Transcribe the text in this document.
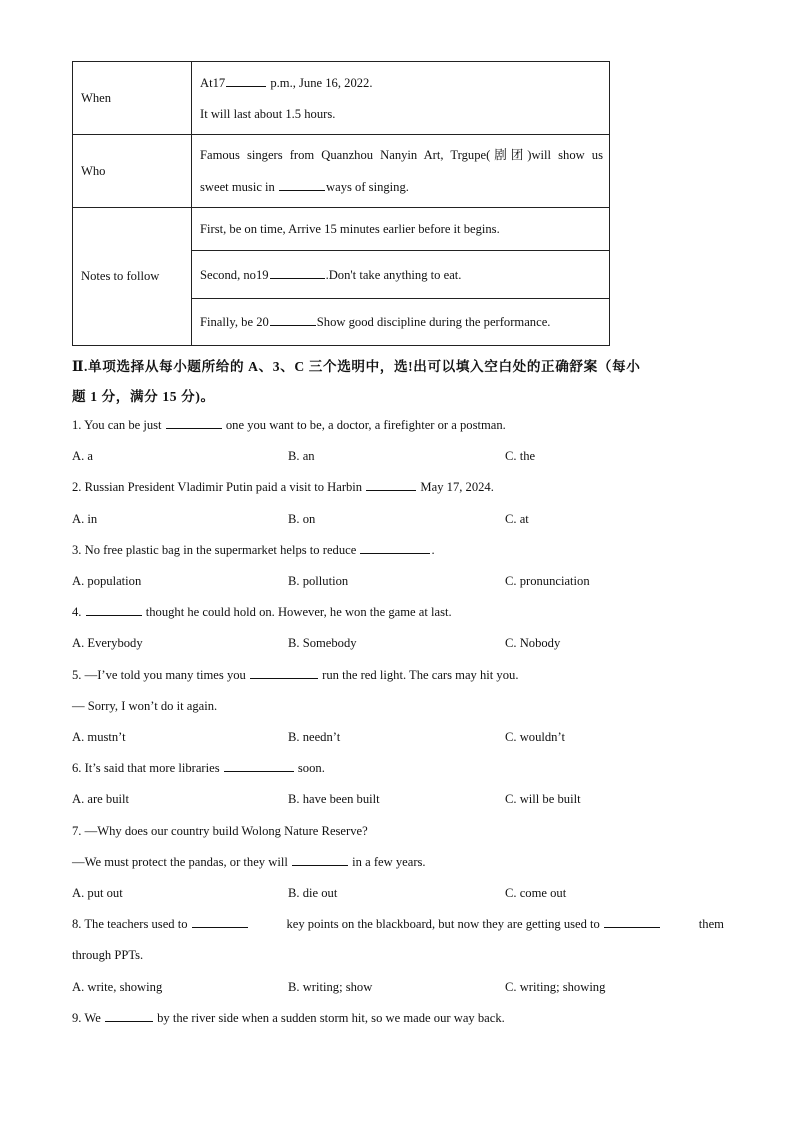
When	At17 p.m., June 16, 2022.
It will last about 1.5 hours.

Who	Famous singers from Quanzhou Nanyin Art, Trgupe(剧团)will show us
sweet music in ways of singing.

Notes to follow	First, be on time, Arrive 15 minutes earlier before it begins.
	Second, no19 .Don't take anything to eat.
	Finally, be 20 Show good discipline during the performance.
Ⅱ.单项选择从每小题所给的 A、3、C 三个选明中，选!出可以填入空白处的正确舒案（每小
题 1 分，满分 15 分)。
1. You can be just	one you want to be, a doctor, a firefighter or a postman.
A. a	B. an	C. the
2. Russian President Vladimir Putin paid a visit to Harbin	May 17, 2024.
A. in	B. on	C. at
3. No free plastic bag in the supermarket helps to reduce	.
A. population	B. pollution	C. pronunciation
4.	thought he could hold on. However, he won the game at last.
A. Everybody	B. Somebody	C. Nobody
5. —I’ve told you many times you	run the red light. The cars may hit you.
— Sorry, I won’t do it again.
A. mustn’t	B. needn’t	C. wouldn’t
6. It’s said that more libraries	soon.
A. are built	B. have been built	C. will be built
7. —Why does our country build Wolong Nature Reserve?
—We must protect the pandas, or they will	in a few years.
A. put out	B. die out	C. come out
8. The teachers used to	key points on the blackboard, but now they are getting used to	them
through PPTs.
A. write, showing	B. writing; show	C. writing; showing
9. We	by the river side when a sudden storm hit, so we made our way back.
